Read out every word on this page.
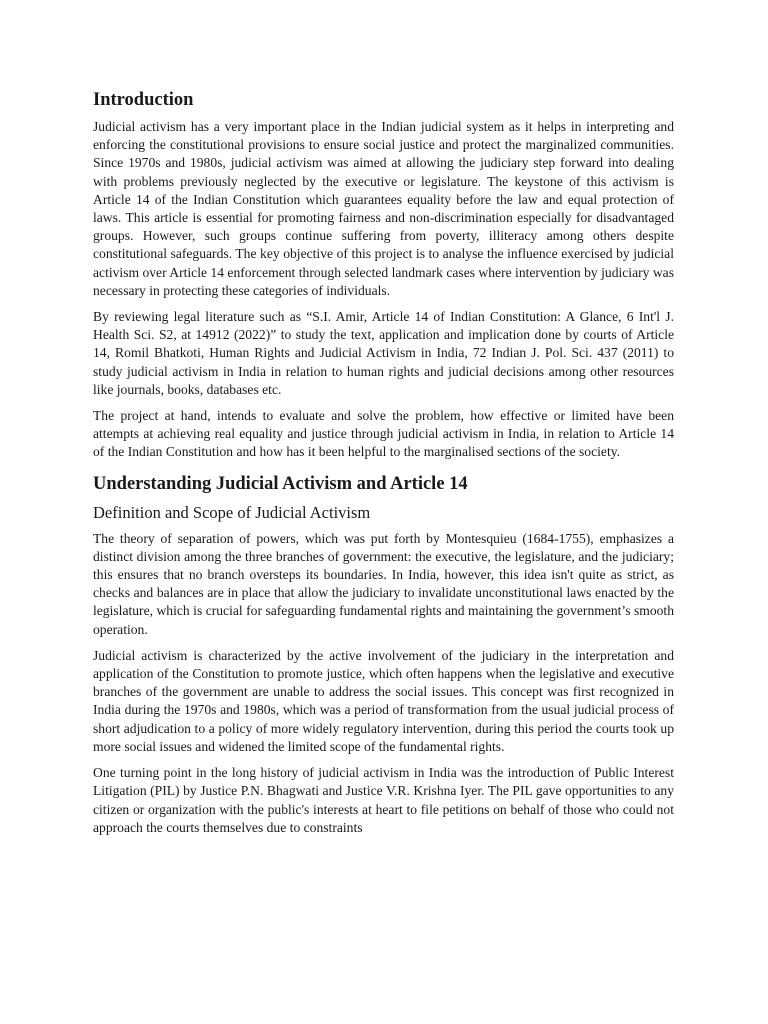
Introduction

Judicial activism has a very important place in the Indian judicial system as it helps in interpreting and enforcing the constitutional provisions to ensure social justice and protect the marginalized communities. Since 1970s and 1980s, judicial activism was aimed at allowing the judiciary step forward into dealing with problems previously neglected by the executive or legislature. The keystone of this activism is Article 14 of the Indian Constitution which guarantees equality before the law and equal protection of laws. This article is essential for promoting fairness and non-discrimination especially for disadvantaged groups. However, such groups continue suffering from poverty, illiteracy among others despite constitutional safeguards. The key objective of this project is to analyse the influence exercised by judicial activism over Article 14 enforcement through selected landmark cases where intervention by judiciary was necessary in protecting these categories of individuals.

By reviewing legal literature such as “S.I. Amir, Article 14 of Indian Constitution: A Glance, 6 Int'l J. Health Sci. S2, at 14912 (2022)” to study the text, application and implication done by courts of Article 14, Romil Bhatkoti, Human Rights and Judicial Activism in India, 72 Indian J. Pol. Sci. 437 (2011) to study judicial activism in India in relation to human rights and judicial decisions among other resources like journals, books, databases etc.

The project at hand, intends to evaluate and solve the problem, how effective or limited have been attempts at achieving real equality and justice through judicial activism in India, in relation to Article 14 of the Indian Constitution and how has it been helpful to the marginalised sections of the society.

Understanding Judicial Activism and Article 14
Definition and Scope of Judicial Activism

The theory of separation of powers, which was put forth by Montesquieu (1684-1755), emphasizes a distinct division among the three branches of government: the executive, the legislature, and the judiciary; this ensures that no branch oversteps its boundaries. In India, however, this idea isn't quite as strict, as checks and balances are in place that allow the judiciary to invalidate unconstitutional laws enacted by the legislature, which is crucial for safeguarding fundamental rights and maintaining the government’s smooth operation.

Judicial activism is characterized by the active involvement of the judiciary in the interpretation and application of the Constitution to promote justice, which often happens when the legislative and executive branches of the government are unable to address the social issues. This concept was first recognized in India during the 1970s and 1980s, which was a period of transformation from the usual judicial process of short adjudication to a policy of more widely regulatory intervention, during this period the courts took up more social issues and widened the limited scope of the fundamental rights.

One turning point in the long history of judicial activism in India was the introduction of Public Interest Litigation (PIL) by Justice P.N. Bhagwati and Justice V.R. Krishna Iyer. The PIL gave opportunities to any citizen or organization with the public's interests at heart to file petitions on behalf of those who could not approach the courts themselves due to constraints
